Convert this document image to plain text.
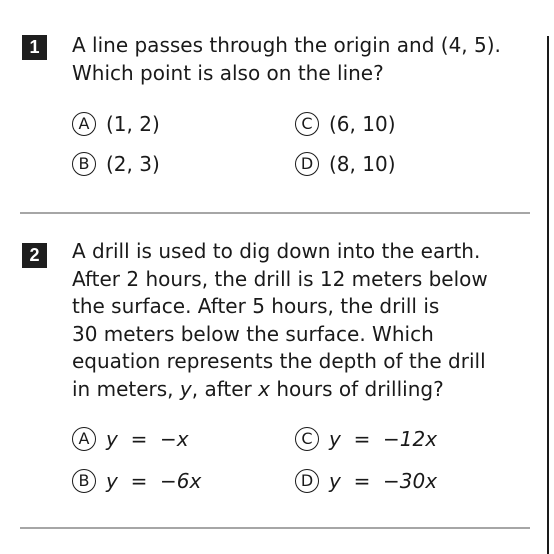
1	A line passes through the origin and (4, 5).
Which point is also on the line?
A (1, 2)	C (6, 10)
B (2, 3)	D (8, 10)
2	A drill is used to dig down into the earth.
After 2 hours, the drill is 12 meters below
the surface. After 5 hours, the drill is
30 meters below the surface. Which
equation represents the depth of the drill
in meters, y, after x hours of drilling?
A y = −x	C y = −12x
B y = −6x	D y = −30x
